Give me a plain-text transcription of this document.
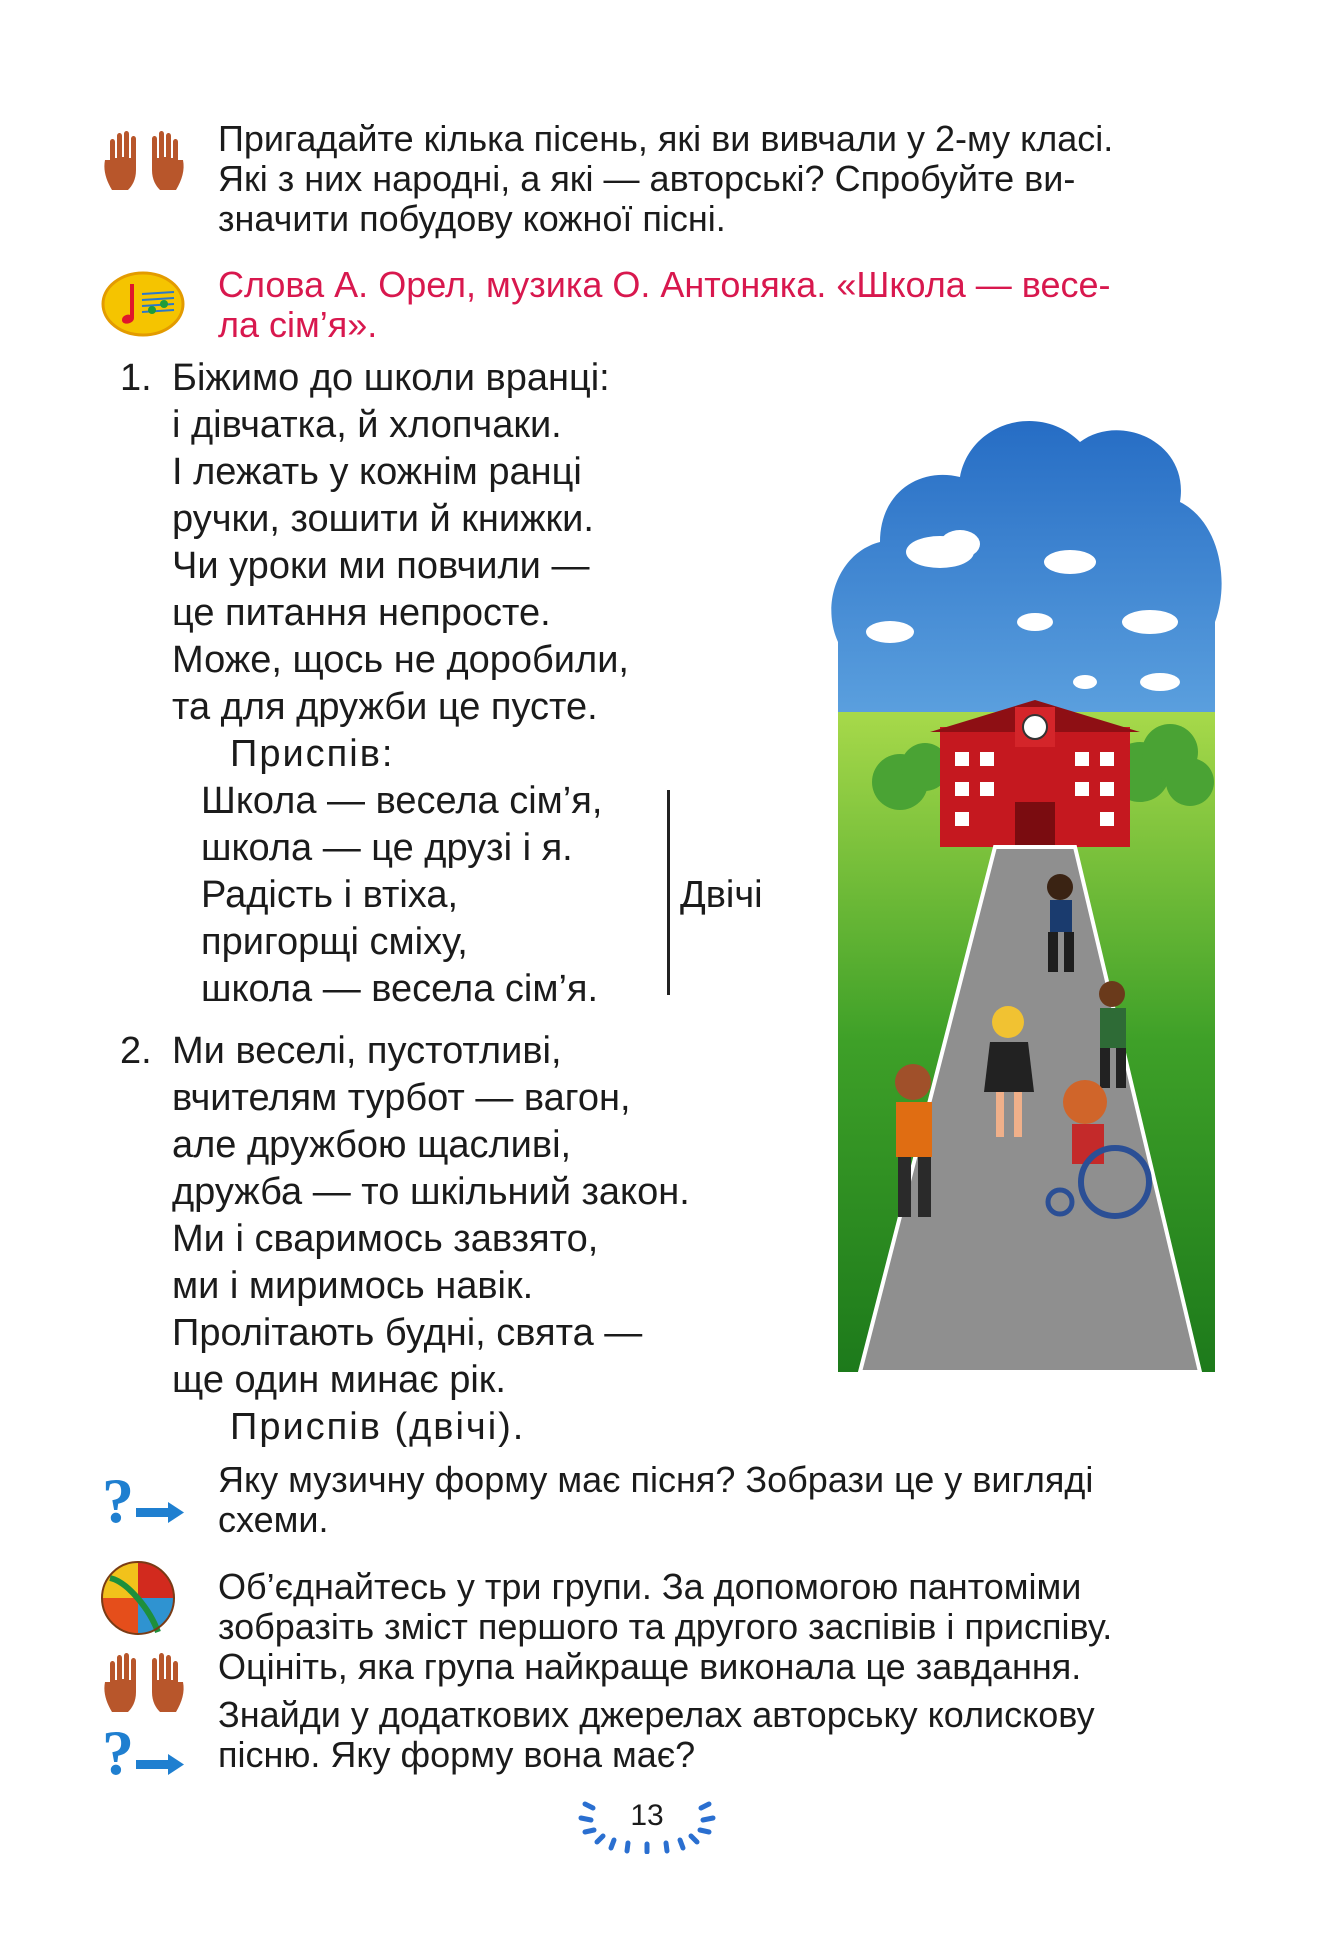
Пригадайте кілька пісень, які ви вивчали у 2-му класі.
Які з них народні, а які — авторські? Спробуйте ви-
значити побудову кожної пісні.
Слова А. Орел, музика О. Антоняка. «Школа — весе-
ла сім’я».
1. Біжимо до школи вранці:
і дівчатка, й хлопчаки.
І лежать у кожнім ранці
ручки, зошити й книжки.
Чи уроки ми повчили —
це питання непросте.
Може, щось не доробили,
та для дружби це пусте.
Приспів:
Школа — весела сім’я,
школа — це друзі і я.
Радість і втіха,
пригорщі сміху,
школа — весела сім’я.
Двічі
2. Ми веселі, пустотливі,
вчителям турбот — вагон,
але дружбою щасливі,
дружба — то шкільний закон.
Ми і сваримось завзято,
ми і миримось навік.
Пролітають будні, свята —
ще один минає рік.
Приспів (двічі).
? Яку музичну форму має пісня? Зобрази це у вигляді
схеми.
Об’єднайтесь у три групи. За допомогою пантоміми
зобразіть зміст першого та другого заспівів і приспіву.
Оцініть, яка група найкраще виконала це завдання.
?
Знайди у додаткових джерелах авторську колискову
пісню. Яку форму вона має?
13
